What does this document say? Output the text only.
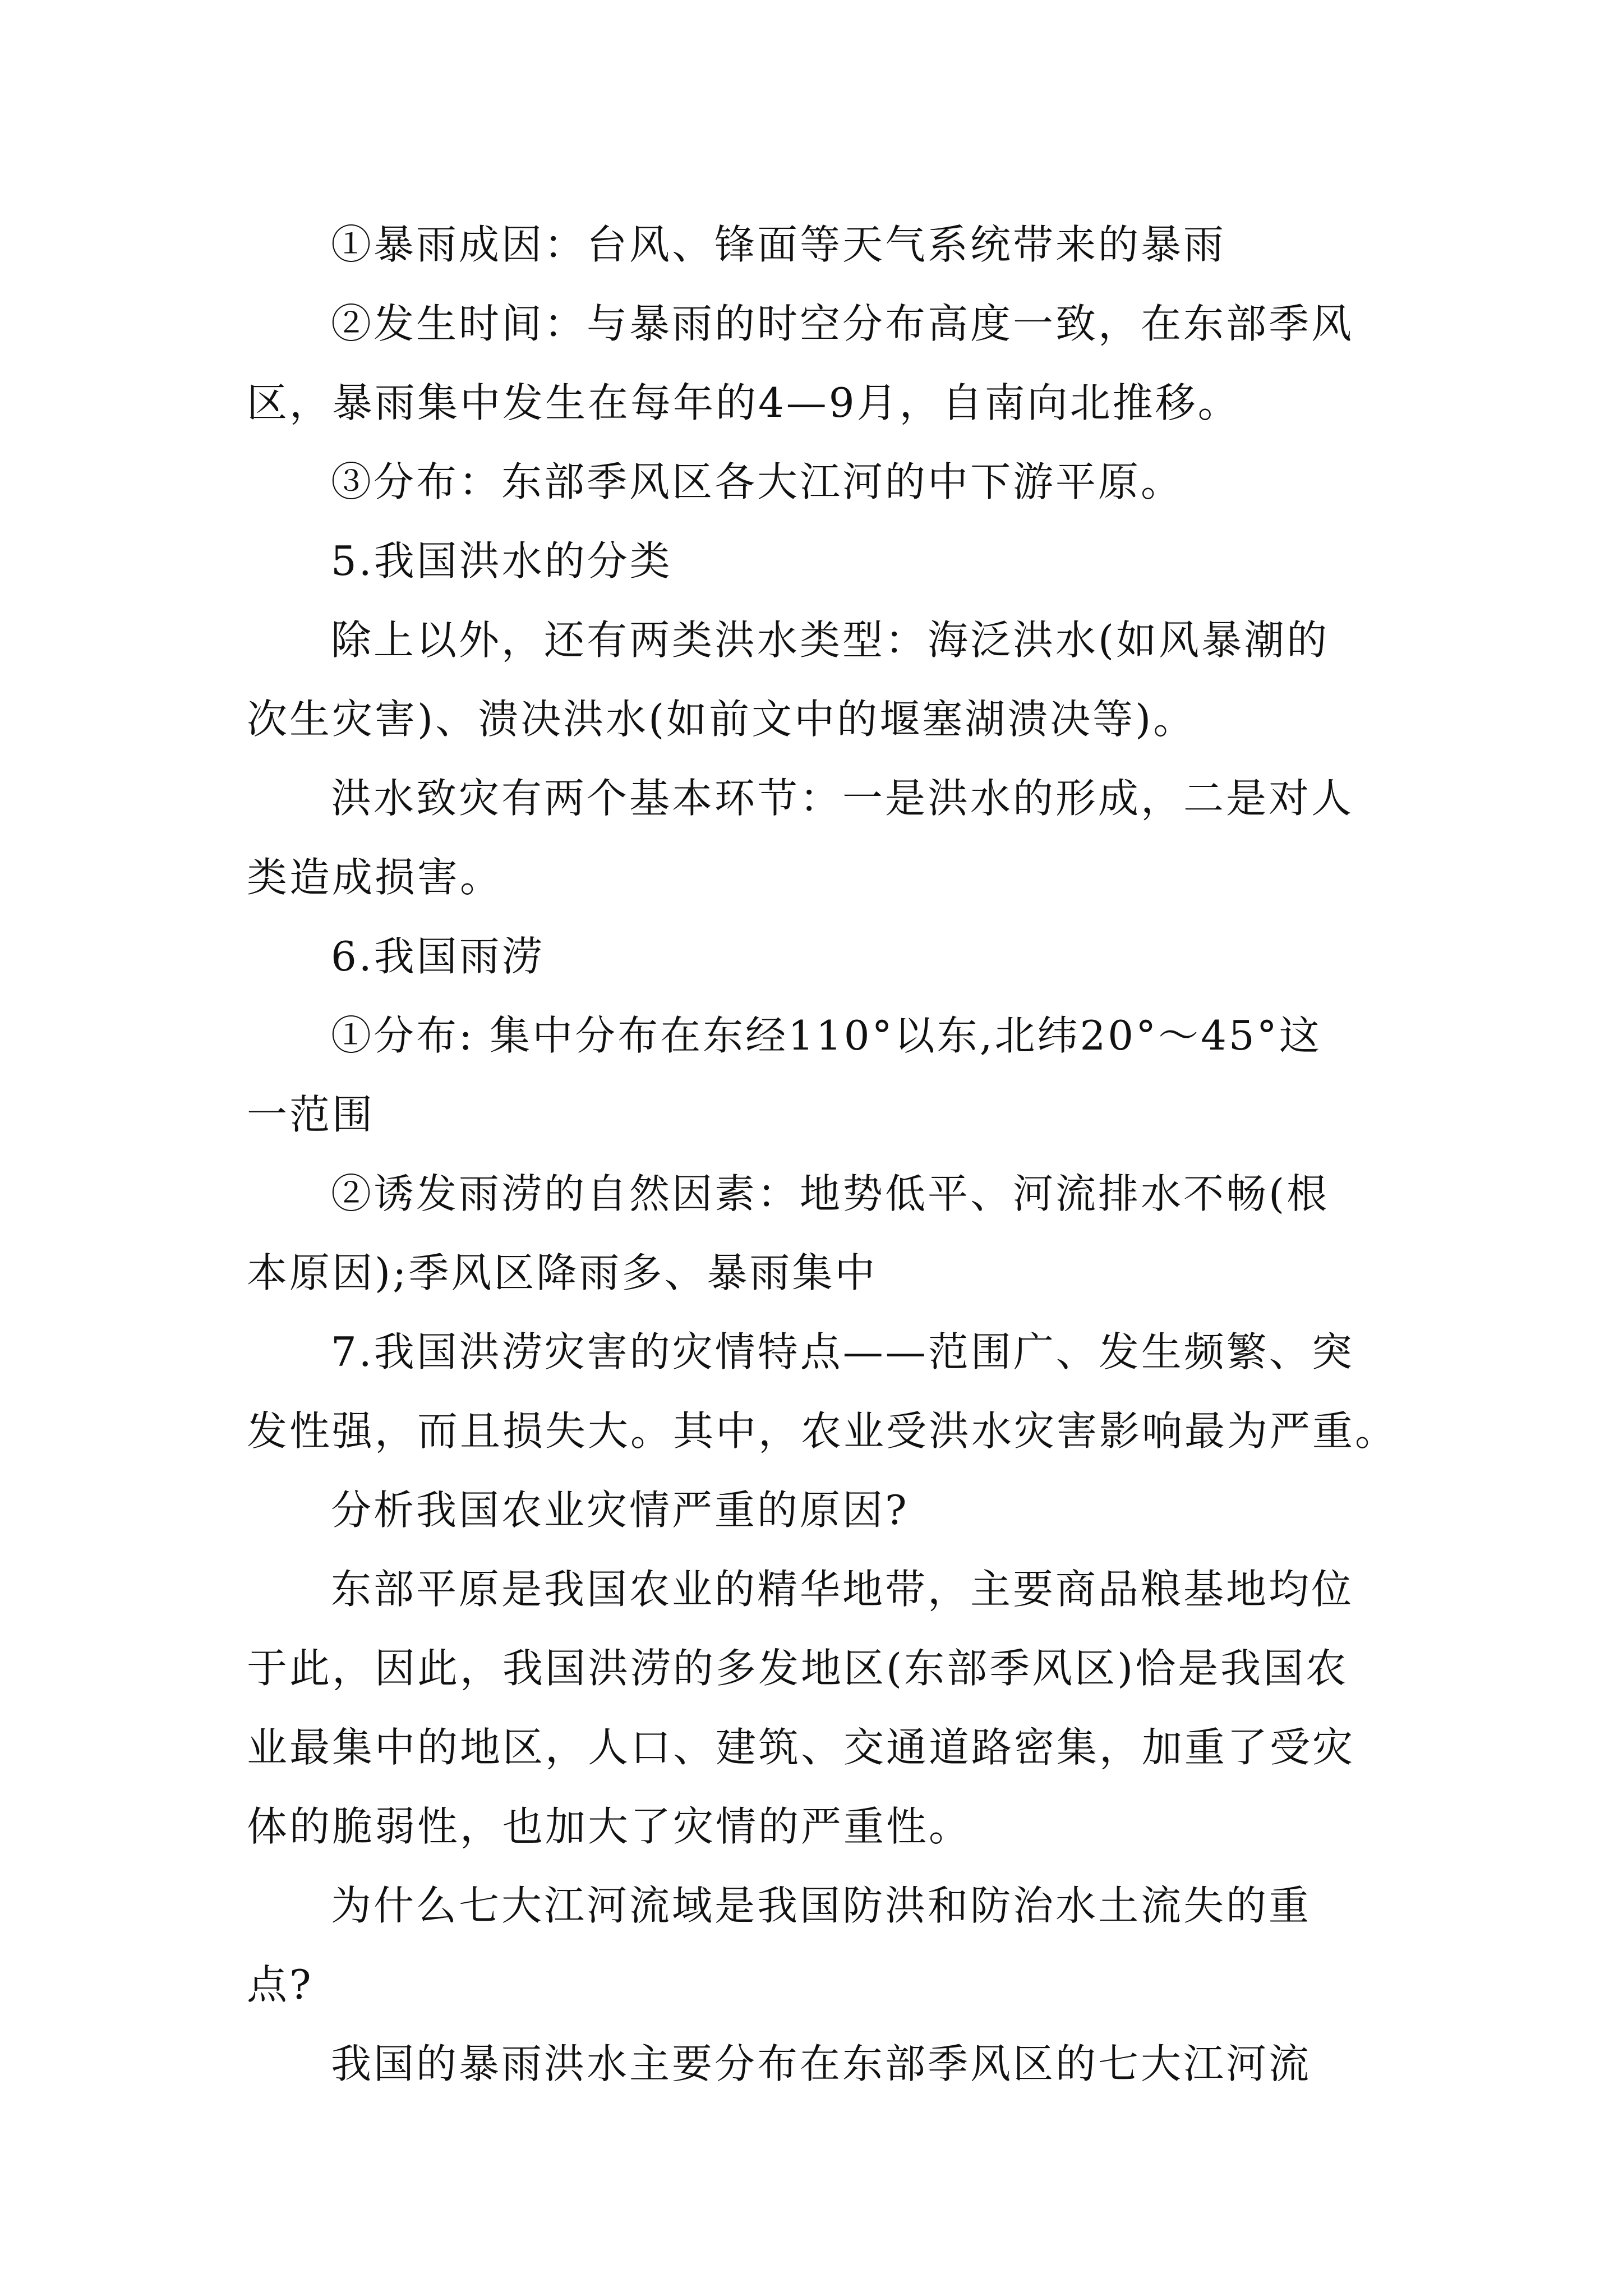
①暴雨成因：台风、锋面等天气系统带来的暴雨

②发生时间：与暴雨的时空分布高度一致，在东部季风

区，暴雨集中发生在每年的4—9月，自南向北推移。

③分布：东部季风区各大江河的中下游平原。

5.我国洪水的分类

除上以外，还有两类洪水类型：海泛洪水(如风暴潮的

次生灾害)、溃决洪水(如前文中的堰塞湖溃决等)。

洪水致灾有两个基本环节：一是洪水的形成，二是对人

类造成损害。

6.我国雨涝

①分布: 集中分布在东经110°以东,北纬20°～45°这

一范围

②诱发雨涝的自然因素：地势低平、河流排水不畅(根

本原因);季风区降雨多、暴雨集中

7.我国洪涝灾害的灾情特点——范围广、发生频繁、突

发性强，而且损失大。其中，农业受洪水灾害影响最为严重。

分析我国农业灾情严重的原因?

东部平原是我国农业的精华地带，主要商品粮基地均位

于此，因此，我国洪涝的多发地区(东部季风区)恰是我国农

业最集中的地区，人口、建筑、交通道路密集，加重了受灾

体的脆弱性，也加大了灾情的严重性。

为什么七大江河流域是我国防洪和防治水土流失的重

点?

我国的暴雨洪水主要分布在东部季风区的七大江河流
